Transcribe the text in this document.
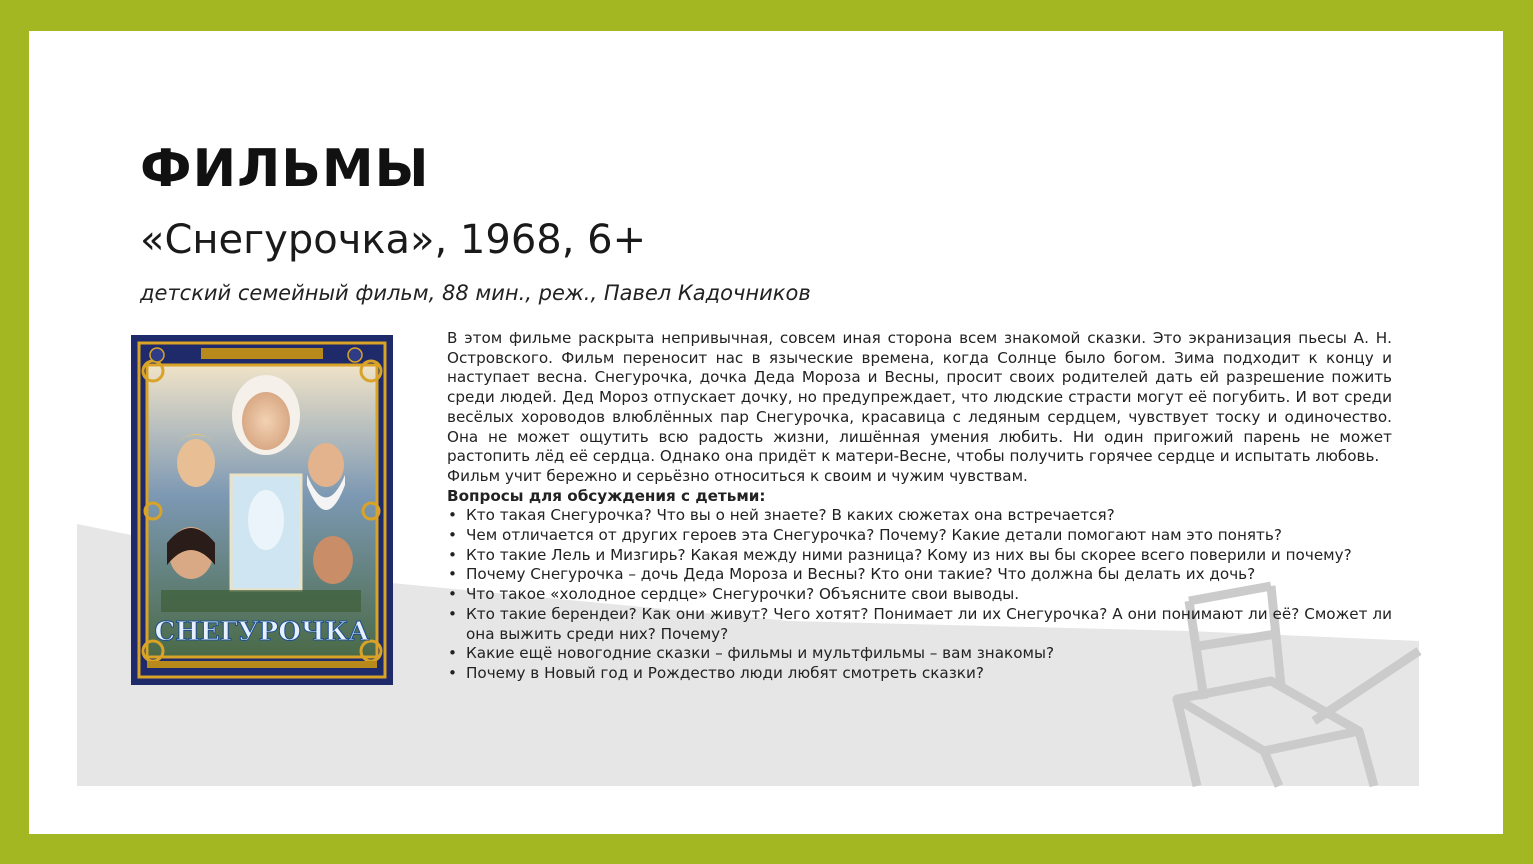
ФИЛЬМЫ
«Снегурочка», 1968, 6+

детский семейный фильм, 88 мин., реж., Павел Кадочников

СНЕГУРОЧКА

В этом фильме раскрыта непривычная, совсем иная сторона всем знакомой сказки. Это экранизация пьесы А. Н. Островского. Фильм переносит нас в языческие времена, когда Солнце было богом. Зима подходит к концу и наступает весна. Снегурочка, дочка Деда Мороза и Весны, просит своих родителей дать ей разрешение пожить среди людей. Дед Мороз отпускает дочку, но предупреждает, что людские страсти могут её погубить. И вот среди весёлых хороводов влюблённых пар Снегурочка, красавица с ледяным сердцем, чувствует тоску и одиночество. Она не может ощутить всю радость жизни, лишённая умения любить. Ни один пригожий парень не может растопить лёд её сердца. Однако она придёт к матери-Весне, чтобы получить горячее сердце и испытать любовь.

Фильм учит бережно и серьёзно относиться к своим и чужим чувствам.

Вопросы для обсуждения с детьми:

• Кто такая Снегурочка? Что вы о ней знаете? В каких сюжетах она встречается?
• Чем отличается от других героев эта Снегурочка? Почему? Какие детали помогают нам это понять?
• Кто такие Лель и Мизгирь? Какая между ними разница? Кому из них вы бы скорее всего поверили и почему?
• Почему Снегурочка – дочь Деда Мороза и Весны? Кто они такие? Что должна бы делать их дочь?
• Что такое «холодное сердце» Снегурочки? Объясните свои выводы.
• Кто такие берендеи? Как они живут? Чего хотят? Понимает ли их Снегурочка? А они понимают ли её? Сможет ли она выжить среди них? Почему?
• Какие ещё новогодние сказки – фильмы и мультфильмы – вам знакомы?
• Почему в Новый год и Рождество люди любят смотреть сказки?
